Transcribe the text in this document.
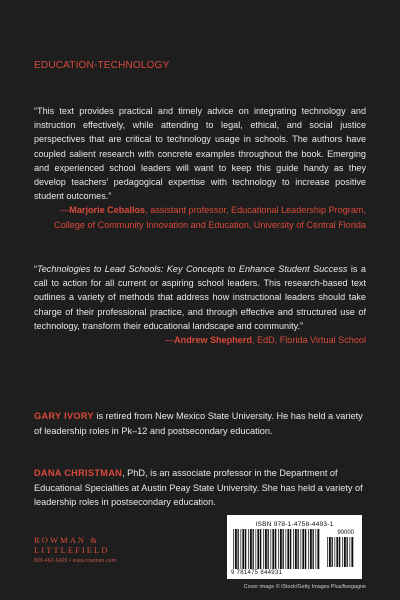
EDUCATION-TECHNOLOGY
“This text provides practical and timely advice on integrating technology and instruction effectively, while attending to legal, ethical, and social justice perspectives that are critical to technology usage in schools. The authors have coupled salient research with concrete examples throughout the book. Emerging and experienced school leaders will want to keep this guide handy as they develop teachers’ pedagogical expertise with technology to increase positive student outcomes.”
—Marjorie Ceballos, assistant professor, Educational Leadership Program, College of Community Innovation and Education, University of Central Florida
“Technologies to Lead Schools: Key Concepts to Enhance Student Success is a call to action for all current or aspiring school leaders. This research-based text outlines a variety of methods that address how instructional leaders should take charge of their professional practice, and through effective and structured use of technology, transform their educational landscape and community.”
—Andrew Shepherd, EdD, Florida Virtual School
GARY IVORY is retired from New Mexico State University. He has held a variety of leadership roles in Pk–12 and postsecondary education.
DANA CHRISTMAN, PhD, is an associate professor in the Department of Educational Specialties at Austin Peay State University. She has held a variety of leadership roles in postsecondary education.
ROWMAN &
LITTLEFIELD
800-462-6420 • www.rowman.com
ISBN 978-1-4758-4493-1
90000
9 781475 844931
Cover image © iStock/Getty Images Plus/lisegagne
